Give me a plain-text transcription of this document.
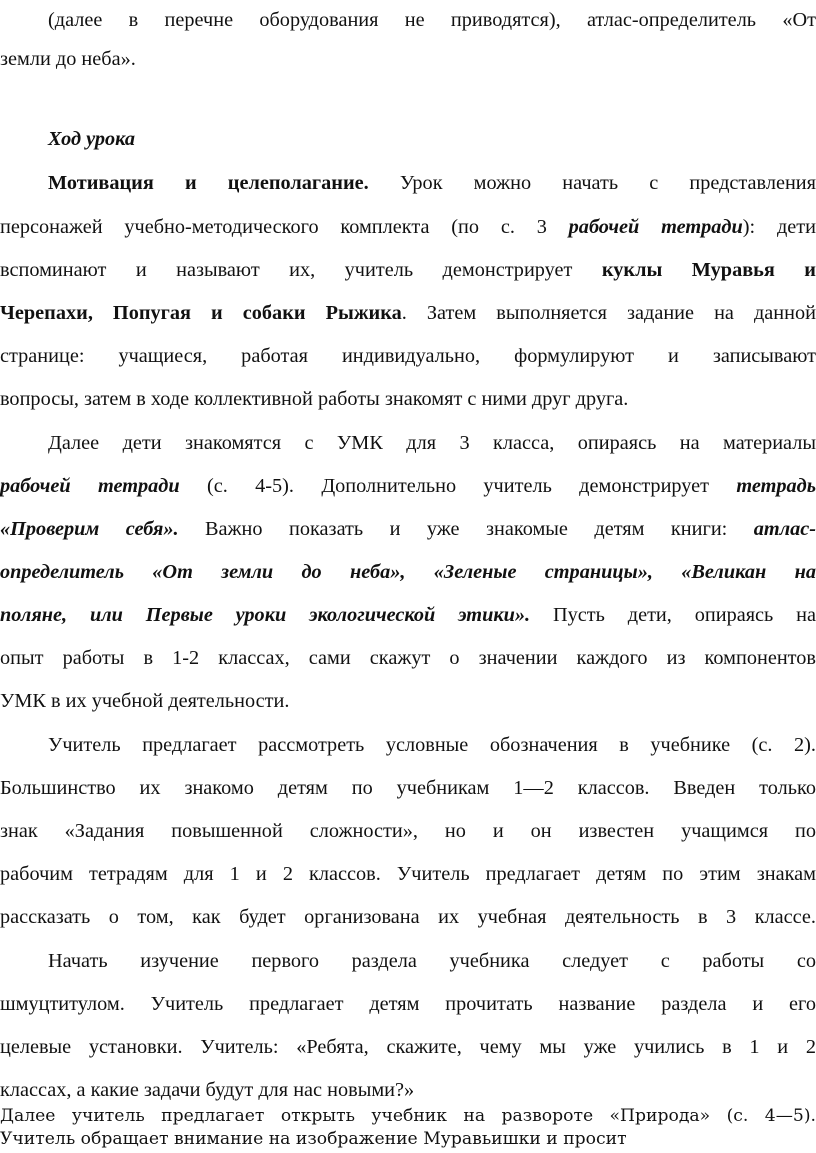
(далее в перечне оборудования не приводятся), атлас-определитель «От
земли до неба».
Ход урока
Мотивация и целеполагание. Урок можно начать с представления
персонажей учебно-методического комплекта (по с. 3 рабочей тетради): дети
вспоминают и называют их, учитель демонстрирует куклы Муравья и
Черепахи, Попугая и собаки Рыжика. Затем выполняется задание на данной
странице: учащиеся, работая индивидуально, формулируют и записывают
вопросы, затем в ходе коллективной работы знакомят с ними друг друга.
Далее дети знакомятся с УМК для 3 класса, опираясь на материалы
рабочей тетради (с. 4-5). Дополнительно учитель демонстрирует тетрадь
«Проверим себя». Важно показать и уже знакомые детям книги: атлас-
определитель «От земли до неба», «Зеленые страницы», «Великан на
поляне, или Первые уроки экологической этики». Пусть дети, опираясь на
опыт работы в 1-2 классах, сами скажут о значении каждого из компонентов
УМК в их учебной деятельности.
Учитель предлагает рассмотреть условные обозначения в учебнике (с. 2).
Большинство их знакомо детям по учебникам 1—2 классов. Введен только
знак «Задания повышенной сложности», но и он известен учащимся по
рабочим тетрадям для 1 и 2 классов. Учитель предлагает детям по этим знакам
рассказать о том, как будет организована их учебная деятельность в 3 классе.
Начать изучение первого раздела учебника следует с работы со
шмуцтитулом. Учитель предлагает детям прочитать название раздела и его
целевые установки. Учитель: «Ребята, скажите, чему мы уже учились в 1 и 2
классах, а какие задачи будут для нас новыми?»
Далее учитель предлагает открыть учебник на развороте «Природа» (с. 4—5).
Учитель обращает внимание на изображение Муравьишки и просит
